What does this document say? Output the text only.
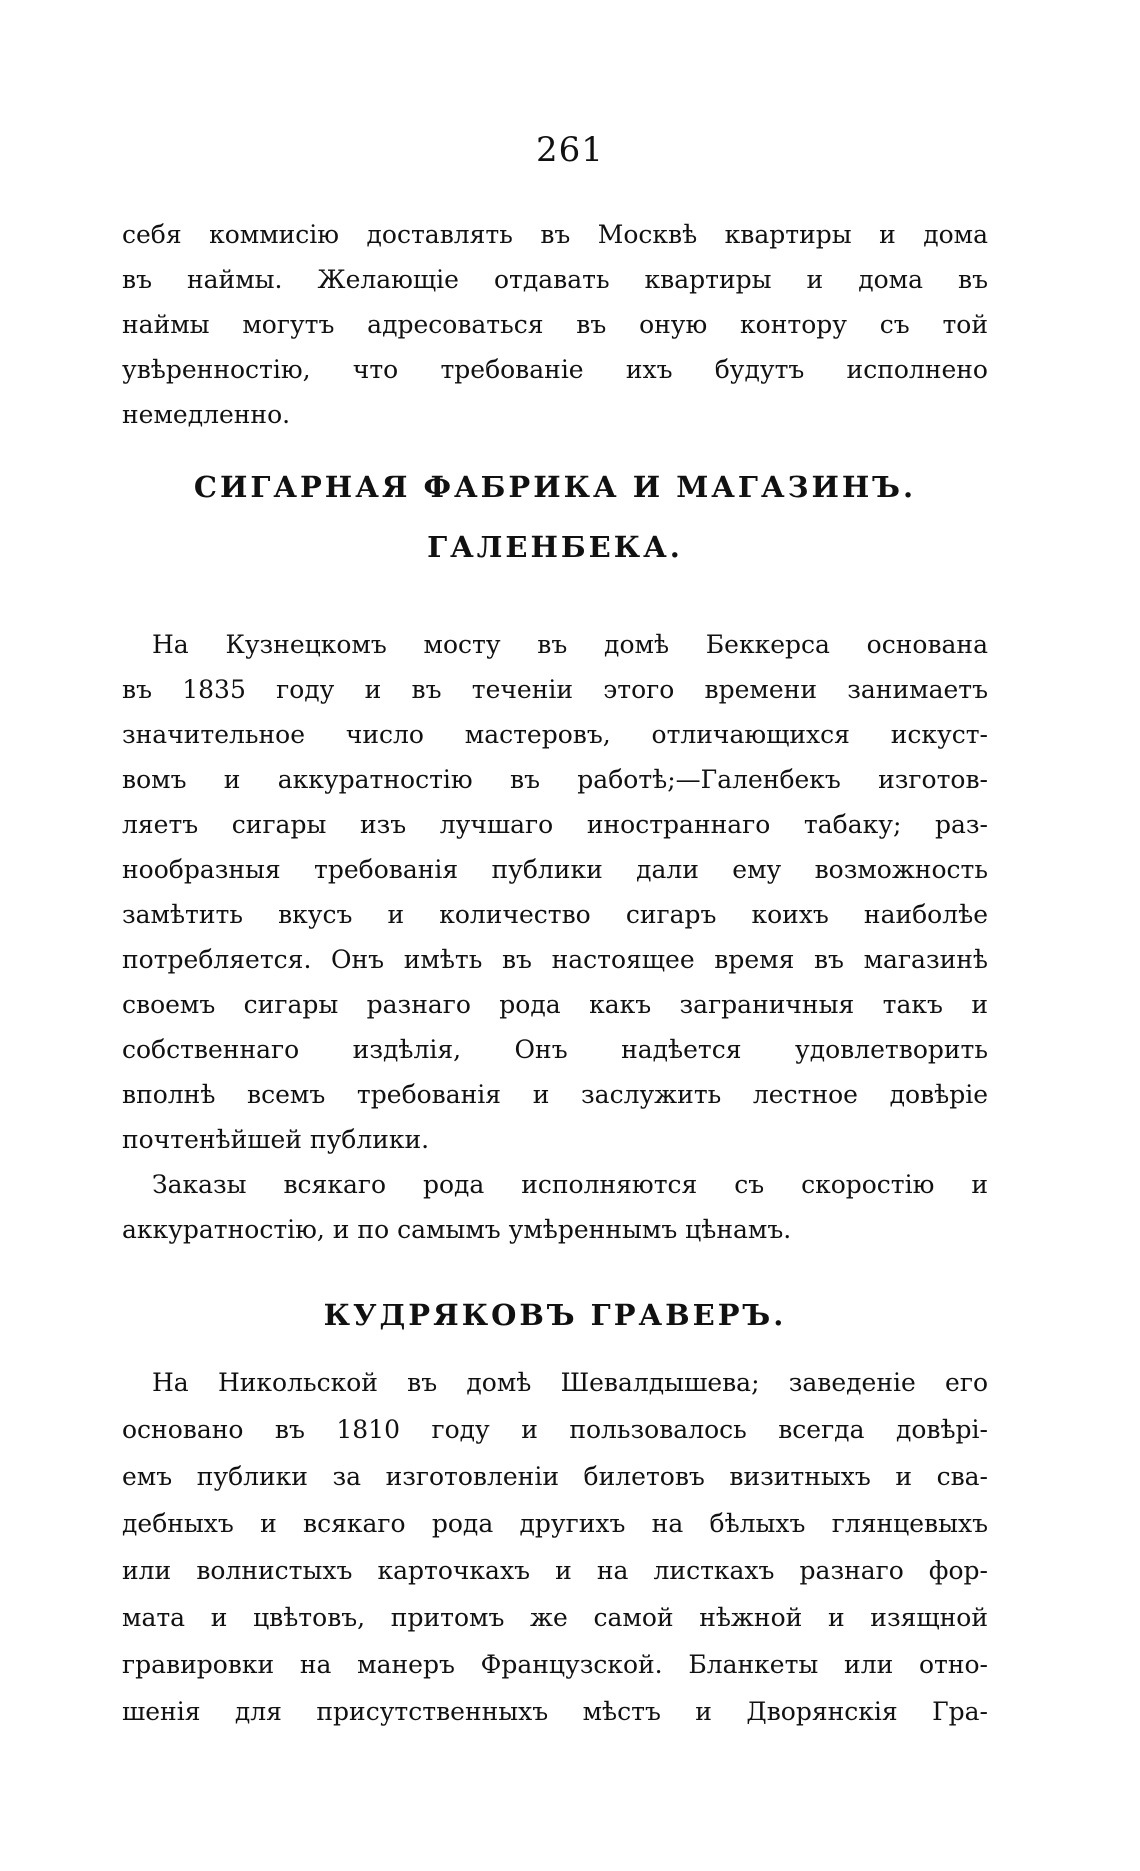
261
себя коммисію доставлять въ Москвѣ квартиры и дома
въ наймы. Желающіе отдавать квартиры и дома въ
наймы могутъ адресоваться въ оную контору съ той
увѣренностію, что требованіе ихъ будутъ исполнено
немедленно.
СИГАРНАЯ ФАБРИКА И МАГАЗИНЪ.
ГАЛЕНБЕКА.
На Кузнецкомъ мосту въ домѣ Беккерса основана
въ 1835 году и въ теченіи этого времени занимаетъ
значительное число мастеровъ, отличающихся искуст-
вомъ и аккуратностію въ работѣ;—Галенбекъ изготов-
ляетъ сигары изъ лучшаго иностраннаго табаку; раз-
нообразныя требованія публики дали ему возможность
замѣтить вкусъ и количество сигаръ коихъ наиболѣе
потребляется. Онъ имѣть въ настоящее время въ магазинѣ
своемъ сигары разнаго рода какъ заграничныя такъ и
собственнаго издѣлія, Онъ надѣется удовлетворить
вполнѣ всемъ требованія и заслужить лестное довѣріе
почтенѣйшей публики.
Заказы всякаго рода исполняются съ скоростію и
аккуратностію, и по самымъ умѣреннымъ цѣнамъ.
КУДРЯКОВЪ ГРАВЕРЪ.
На Никольской въ домѣ Шевалдышева; заведеніе его
основано въ 1810 году и пользовалось всегда довѣрі-
емъ публики за изготовленіи билетовъ визитныхъ и сва-
дебныхъ и всякаго рода другихъ на бѣлыхъ глянцевыхъ
или волнистыхъ карточкахъ и на листкахъ разнаго фор-
мата и цвѣтовъ, притомъ же самой нѣжной и изящной
гравировки на манеръ Французской. Бланкеты или отно-
шенія для присутственныхъ мѣстъ и Дворянскія Гра-
